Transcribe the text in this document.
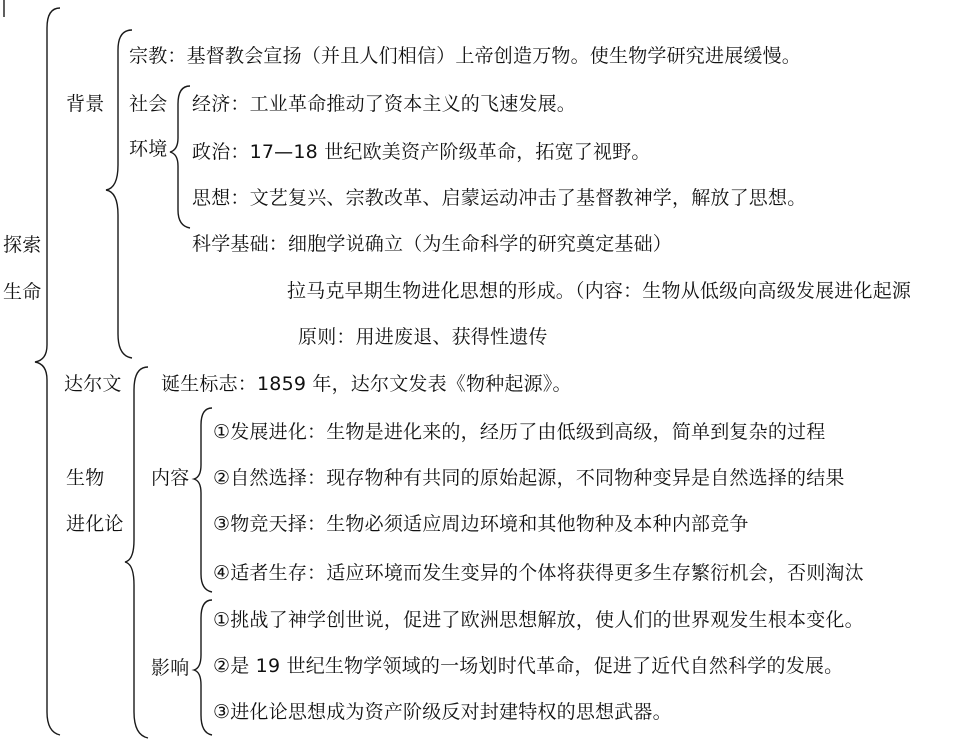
探索
生命
背景
宗教：基督教会宣扬（并且人们相信）上帝创造万物。使生物学研究进展缓慢。
社会
环境
经济：工业革命推动了资本主义的飞速发展。
政治：17—18 世纪欧美资产阶级革命，拓宽了视野。
思想：文艺复兴、宗教改革、启蒙运动冲击了基督教神学，解放了思想。
科学基础：细胞学说确立（为生命科学的研究奠定基础）
拉马克早期生物进化思想的形成。（内容：生物从低级向高级发展进化起源
原则：用进废退、获得性遗传
达尔文
生物
进化论
诞生标志：1859 年，达尔文发表《物种起源》。
内容
①发展进化：生物是进化来的，经历了由低级到高级，简单到复杂的过程
②自然选择：现存物种有共同的原始起源，不同物种变异是自然选择的结果
③物竞天择：生物必须适应周边环境和其他物种及本种内部竞争
④适者生存：适应环境而发生变异的个体将获得更多生存繁衍机会，否则淘汰
影响
①挑战了神学创世说，促进了欧洲思想解放，使人们的世界观发生根本变化。
②是 19 世纪生物学领域的一场划时代革命，促进了近代自然科学的发展。
③进化论思想成为资产阶级反对封建特权的思想武器。
